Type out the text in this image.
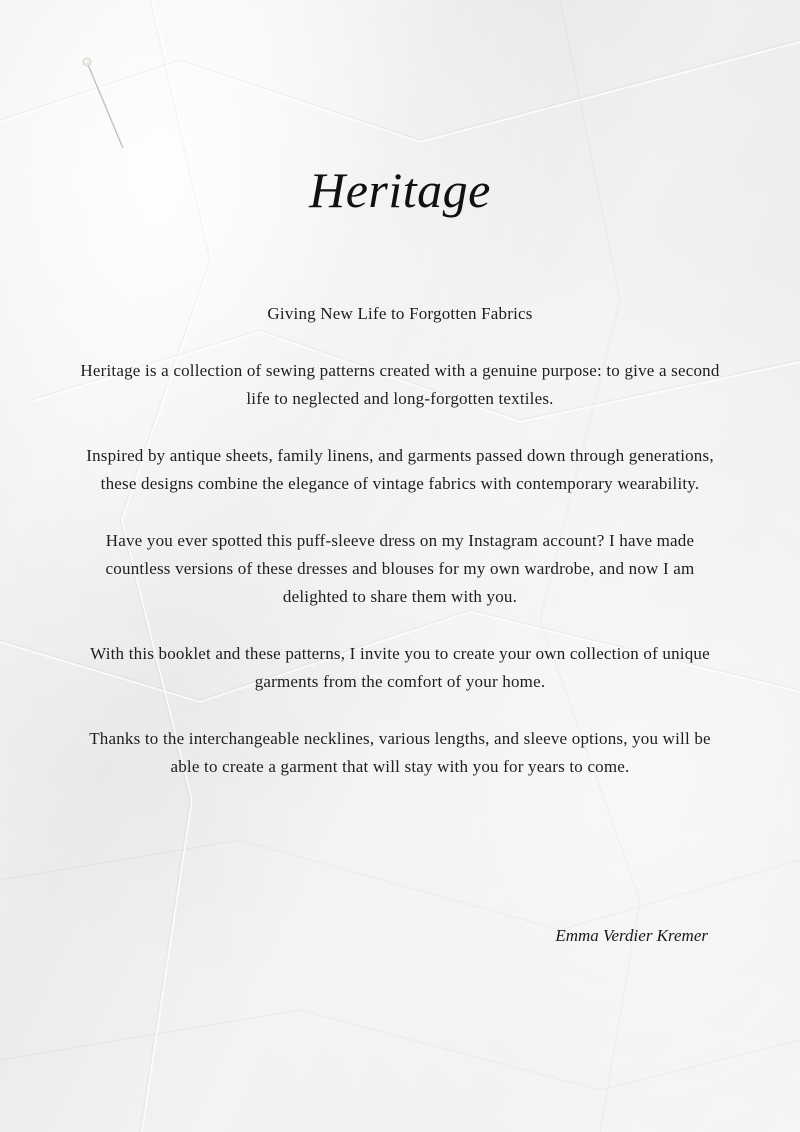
Heritage

Giving New Life to Forgotten Fabrics

Heritage is a collection of sewing patterns created with a genuine purpose: to give a second life to neglected and long-forgotten textiles.

Inspired by antique sheets, family linens, and garments passed down through generations, these designs combine the elegance of vintage fabrics with contemporary wearability.

Have you ever spotted this puff-sleeve dress on my Instagram account? I have made countless versions of these dresses and blouses for my own wardrobe, and now I am delighted to share them with you.

With this booklet and these patterns, I invite you to create your own collection of unique garments from the comfort of your home.

Thanks to the interchangeable necklines, various lengths, and sleeve options, you will be able to create a garment that will stay with you for years to come.

Emma Verdier Kremer
